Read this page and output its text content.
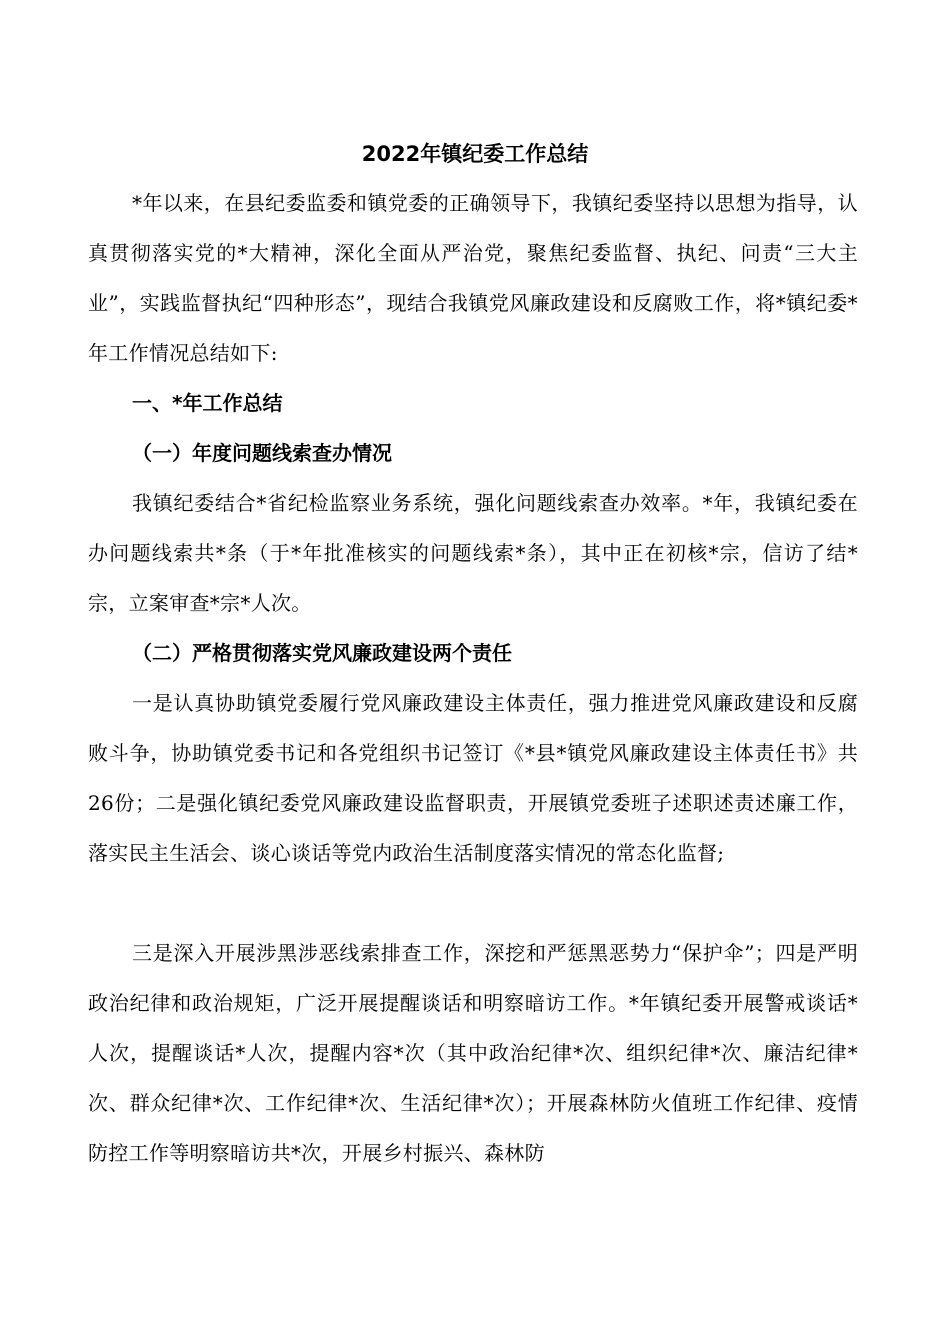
2022年镇纪委工作总结

*年以来，在县纪委监委和镇党委的正确领导下，我镇纪委坚持以思想为指导，认真贯彻落实党的*大精神，深化全面从严治党，聚焦纪委监督、执纪、问责“三大主业”，实践监督执纪“四种形态”，现结合我镇党风廉政建设和反腐败工作，将*镇纪委*年工作情况总结如下:

一、*年工作总结
（一）年度问题线索查办情况

我镇纪委结合*省纪检监察业务系统，强化问题线索查办效率。*年，我镇纪委在办问题线索共*条（于*年批准核实的问题线索*条），其中正在初核*宗，信访了结*宗，立案审查*宗*人次。

（二）严格贯彻落实党风廉政建设两个责任

一是认真协助镇党委履行党风廉政建设主体责任，强力推进党风廉政建设和反腐败斗争，协助镇党委书记和各党组织书记签订《*县*镇党风廉政建设主体责任书》共26份；二是强化镇纪委党风廉政建设监督职责，开展镇党委班子述职述责述廉工作，落实民主生活会、谈心谈话等党内政治生活制度落实情况的常态化监督;

三是深入开展涉黑涉恶线索排查工作，深挖和严惩黑恶势力“保护伞”；四是严明政治纪律和政治规矩，广泛开展提醒谈话和明察暗访工作。*年镇纪委开展警戒谈话*人次，提醒谈话*人次，提醒内容*次（其中政治纪律*次、组织纪律*次、廉洁纪律*次、群众纪律*次、工作纪律*次、生活纪律*次）；开展森林防火值班工作纪律、疫情防控工作等明察暗访共*次，开展乡村振兴、森林防
